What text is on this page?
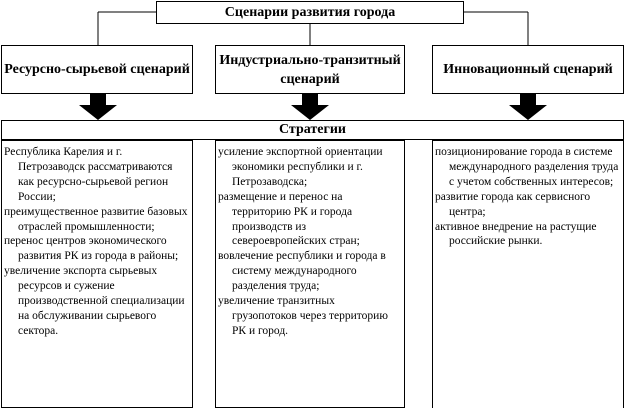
Сценарии развития города
Ресурсно-сырьевой сценарий
Индустриально-транзитный сценарий
Инновационный сценарий
Стратегии

Республика Карелия и г. Петрозаводск рассматриваются как ресурсно-сырьевой регион России;

преимущественное развитие базовых отраслей промышленности;

перенос центров экономического развития РК из города в районы;

увеличение экспорта сырьевых ресурсов и сужение производственной специализации на обслуживании сырьевого сектора.

усиление экспортной ориентации экономики республики и г. Петрозаводска;

размещение и перенос на территорию РК и города производств из североевропейских стран;

вовлечение республики и города в систему международного разделения труда;

увеличение транзитных грузопотоков через территорию РК и город.

позиционирование города в системе международного разделения труда с учетом собственных интересов;

развитие города как сервисного центра;

активное внедрение на растущие российские рынки.
